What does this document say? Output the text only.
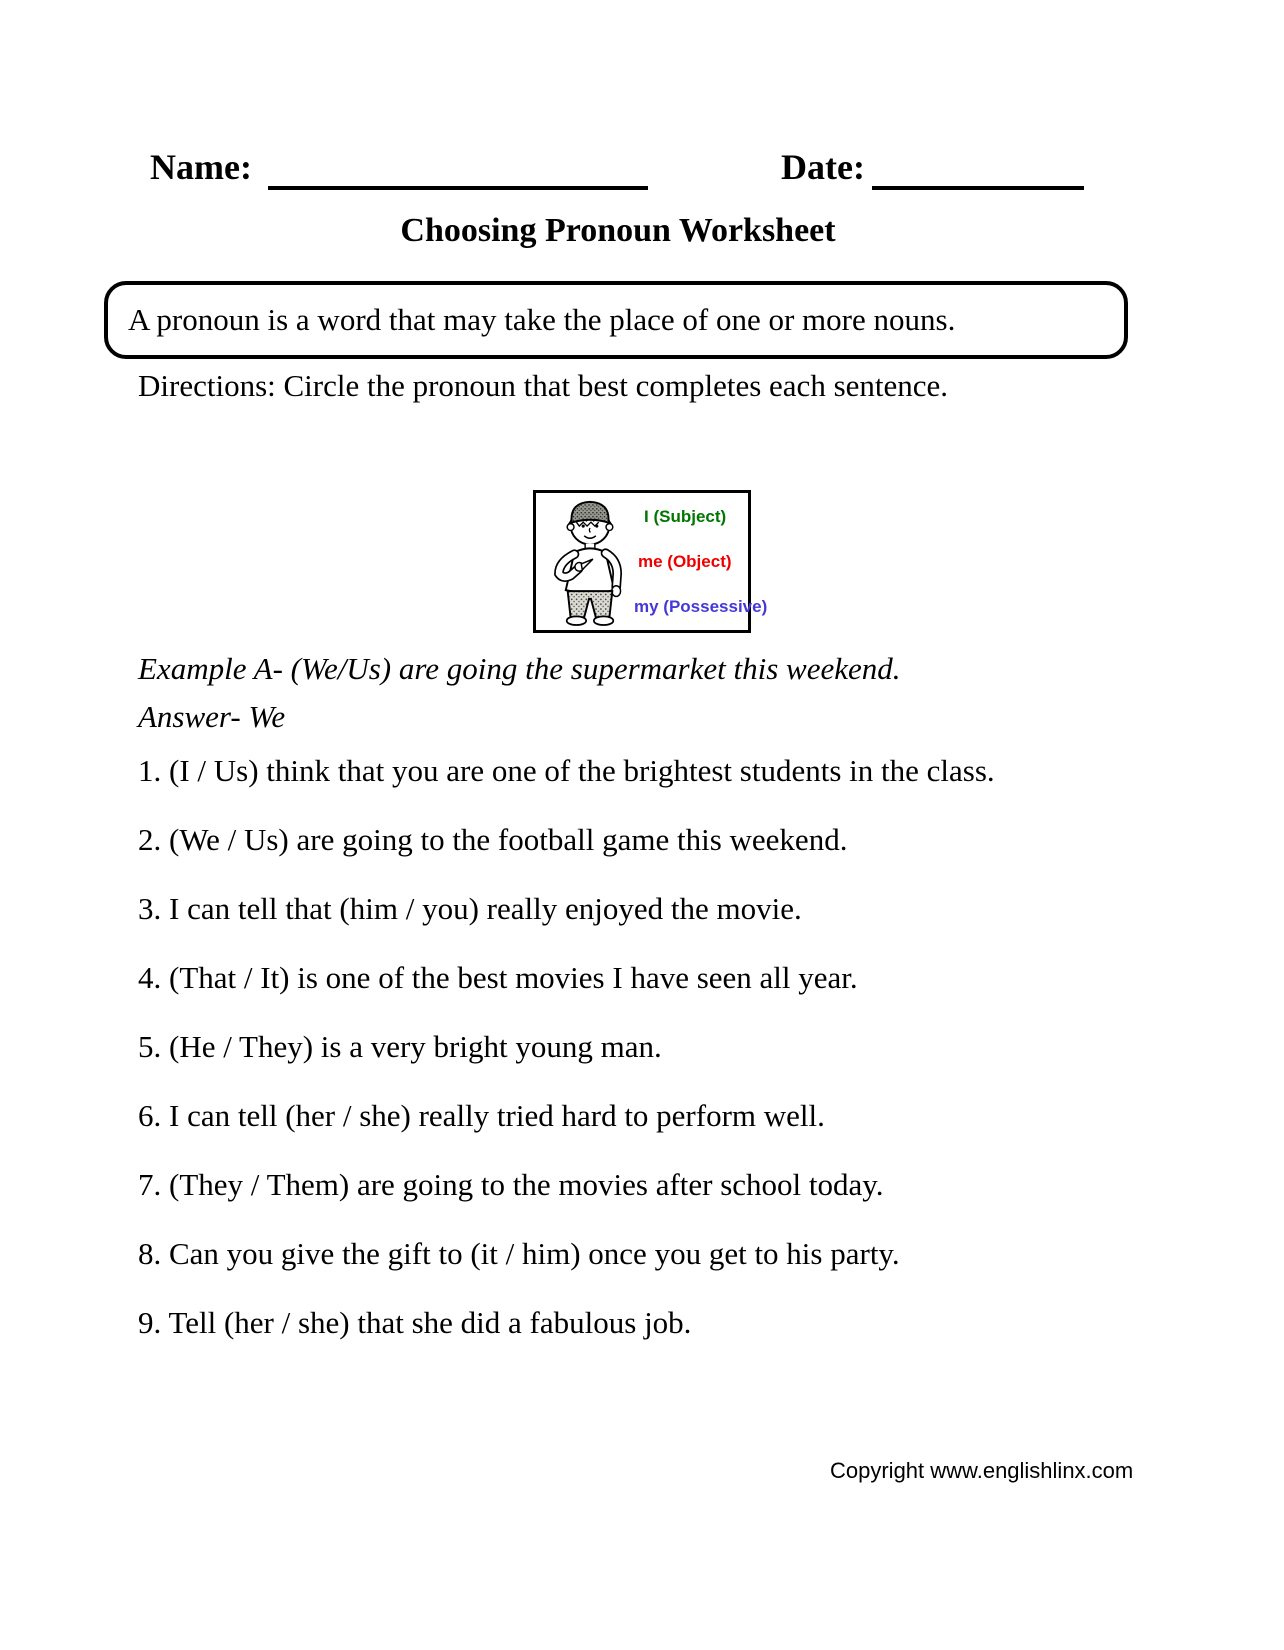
Name:	Date:
Choosing Pronoun Worksheet
A pronoun is a word that may take the place of one or more nouns.
Directions: Circle the pronoun that best completes each sentence.
I (Subject)
me (Object)
my (Possessive)
Example A- (We/Us) are going the supermarket this weekend.
Answer- We
1. (I / Us) think that you are one of the brightest students in the class.
2. (We / Us) are going to the football game this weekend.
3. I can tell that (him / you) really enjoyed the movie.
4. (That / It) is one of the best movies I have seen all year.
5. (He / They) is a very bright young man.
6. I can tell (her / she) really tried hard to perform well.
7. (They / Them) are going to the movies after school today.
8. Can you give the gift to (it / him) once you get to his party.
9. Tell (her / she) that she did a fabulous job.
Copyright www.englishlinx.com
